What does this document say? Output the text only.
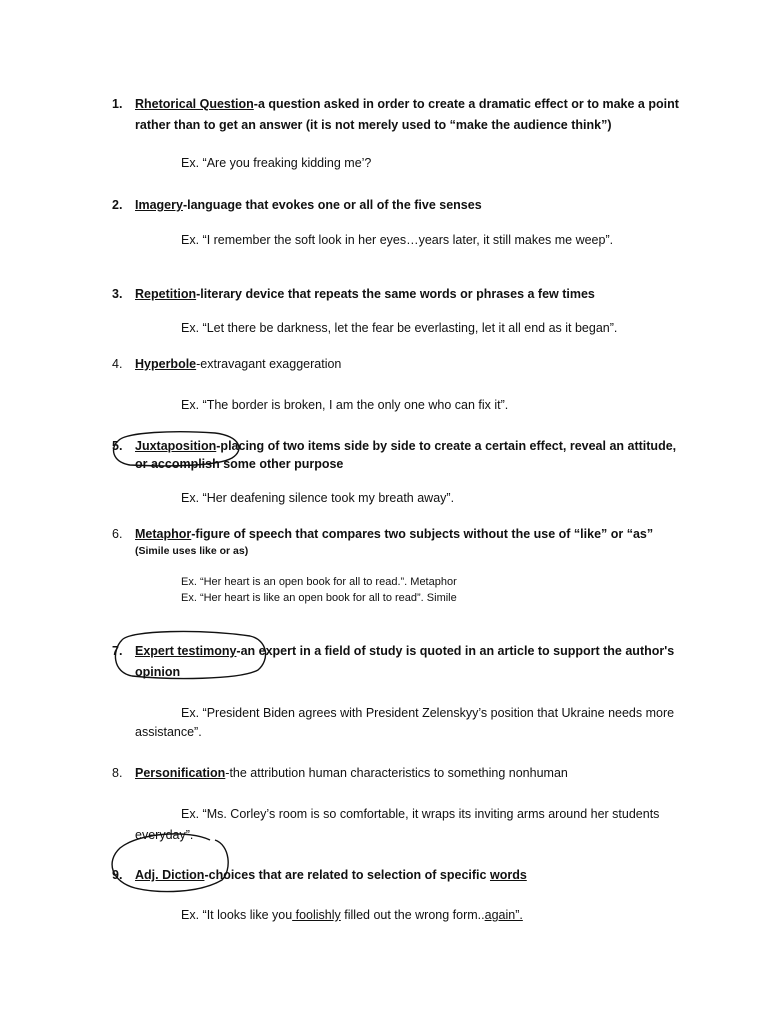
1. Rhetorical Question-a question asked in order to create a dramatic effect or to make a point
rather than to get an answer (it is not merely used to “make the audience think”)
Ex. “Are you freaking kidding me’?
2. Imagery-language that evokes one or all of the five senses
Ex. “I remember the soft look in her eyes…years later, it still makes me weep”.
3. Repetition-literary device that repeats the same words or phrases a few times
Ex. “Let there be darkness, let the fear be everlasting, let it all end as it began”.
4. Hyperbole-extravagant exaggeration
Ex. “The border is broken, I am the only one who can fix it”.
5. Juxtaposition-placing of two items side by side to create a certain effect, reveal an attitude,
or accomplish some other purpose
Ex. “Her deafening silence took my breath away”.
6. Metaphor-figure of speech that compares two subjects without the use of “like” or “as”
(Simile uses like or as)
Ex. “Her heart is an open book for all to read.”. Metaphor
Ex. “Her heart is like an open book for all to read”. Simile
7. Expert testimony-an expert in a field of study is quoted in an article to support the author's
opinion
Ex. “President Biden agrees with President Zelenskyy’s position that Ukraine needs more
assistance”.
8. Personification-the attribution human characteristics to something nonhuman
Ex. “Ms. Corley’s room is so comfortable, it wraps its inviting arms around her students
everyday”.
9. Adj. Diction-choices that are related to selection of specific words
Ex. “It looks like you foolishly filled out the wrong form..again”.
